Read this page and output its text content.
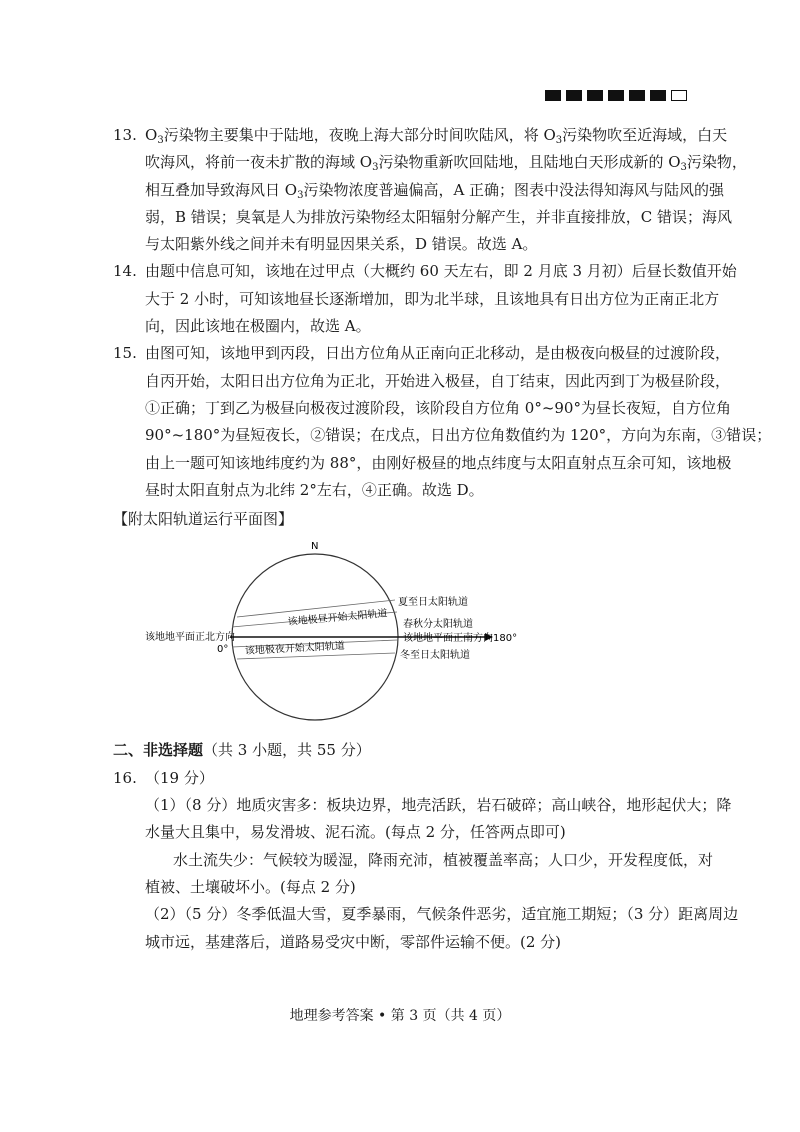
13. $O_3$污染物主要集中于陆地，夜晚上海大部分时间吹陆风，将 $O_3$污染物吹至近海域，白天
吹海风，将前一夜未扩散的海域 $O_3$污染物重新吹回陆地，且陆地白天形成新的 $O_3$污染物，
相互叠加导致海风日 $O_3$污染物浓度普遍偏高，A 正确；图表中没法得知海风与陆风的强
弱，B 错误；臭氧是人为排放污染物经太阳辐射分解产生，并非直接排放，C 错误；海风
与太阳紫外线之间并未有明显因果关系，D 错误。故选 A。
14. 由题中信息可知，该地在过甲点（大概约 60 天左右，即 2 月底 3 月初）后昼长数值开始
大于 2 小时，可知该地昼长逐渐增加，即为北半球，且该地具有日出方位为正南正北方
向，因此该地在极圈内，故选 A。
15. 由图可知，该地甲到丙段，日出方位角从正南向正北移动，是由极夜向极昼的过渡阶段，
自丙开始，太阳日出方位角为正北，开始进入极昼，自丁结束，因此丙到丁为极昼阶段，
①正确；丁到乙为极昼向极夜过渡阶段，该阶段自方位角 0°~90°为昼长夜短，自方位角
90°~180°为昼短夜长，②错误；在戊点，日出方位角数值约为 120°，方向为东南，③错误；
由上一题可知该地纬度约为 88°，由刚好极昼的地点纬度与太阳直射点互余可知，该地极
昼时太阳直射点为北纬 2°左右，④正确。故选 D。
【附太阳轨道运行平面图】
N
该地极昼开始太阳轨道
该地极夜开始太阳轨道
夏至日太阳轨道
春秋分太阳轨道
该地地平面正南方向180°
冬至日太阳轨道
该地地平面正北方向
0°
二、非选择题（共 3 小题，共 55 分）
16. （19 分）
（1）（8 分）地质灾害多：板块边界，地壳活跃，岩石破碎；高山峡谷，地形起伏大；降
水量大且集中，易发滑坡、泥石流。(每点 2 分，任答两点即可)
水土流失少：气候较为暖湿，降雨充沛，植被覆盖率高；人口少，开发程度低，对
植被、土壤破坏小。(每点 2 分)
（2）（5 分）冬季低温大雪，夏季暴雨，气候条件恶劣，适宜施工期短；（3 分）距离周边
城市远，基建落后，道路易受灾中断，零部件运输不便。(2 分)
地理参考答案 • 第 3 页（共 4 页）
